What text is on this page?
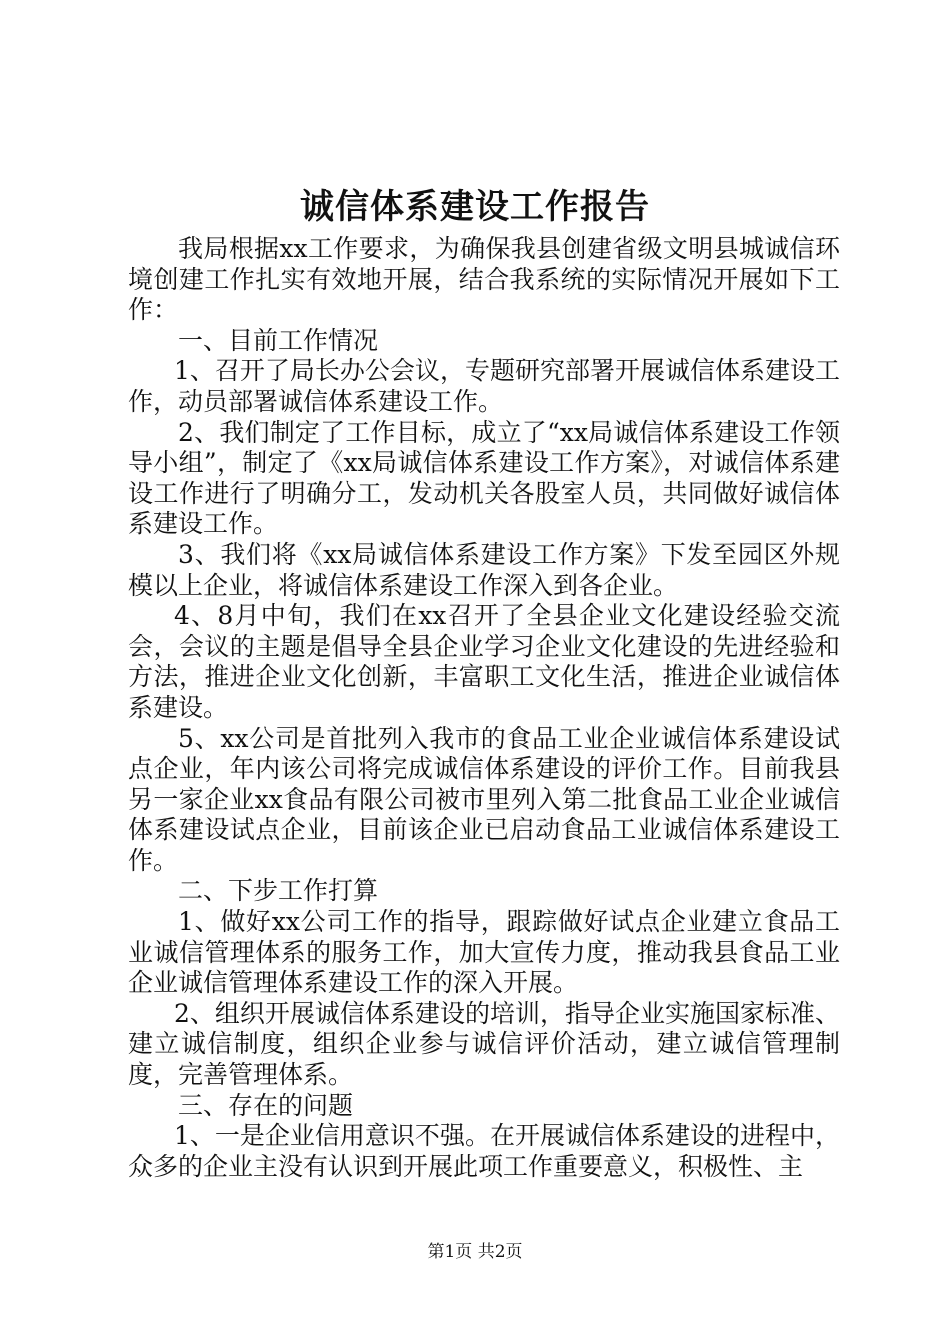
诚信体系建设工作报告

我局根据xx工作要求，为确保我县创建省级文明县城诚信环境创建工作扎实有效地开展，结合我系统的实际情况开展如下工作：

一、目前工作情况

1、召开了局长办公会议，专题研究部署开展诚信体系建设工作，动员部署诚信体系建设工作。

2、我们制定了工作目标，成立了“xx局诚信体系建设工作领导小组”，制定了《xx局诚信体系建设工作方案》，对诚信体系建设工作进行了明确分工，发动机关各股室人员，共同做好诚信体系建设工作。

3、我们将《xx局诚信体系建设工作方案》下发至园区外规模以上企业，将诚信体系建设工作深入到各企业。

4、8月中旬，我们在xx召开了全县企业文化建设经验交流会，会议的主题是倡导全县企业学习企业文化建设的先进经验和方法，推进企业文化创新，丰富职工文化生活，推进企业诚信体系建设。

5、xx公司是首批列入我市的食品工业企业诚信体系建设试点企业，年内该公司将完成诚信体系建设的评价工作。目前我县另一家企业xx食品有限公司被市里列入第二批食品工业企业诚信体系建设试点企业，目前该企业已启动食品工业诚信体系建设工作。

二、下步工作打算

1、做好xx公司工作的指导，跟踪做好试点企业建立食品工业诚信管理体系的服务工作，加大宣传力度，推动我县食品工业企业诚信管理体系建设工作的深入开展。

2、组织开展诚信体系建设的培训，指导企业实施国家标准、建立诚信制度，组织企业参与诚信评价活动，建立诚信管理制度，完善管理体系。

三、存在的问题

1、一是企业信用意识不强。在开展诚信体系建设的进程中，众多的企业主没有认识到开展此项工作重要意义，积极性、主

第1页 共2页
